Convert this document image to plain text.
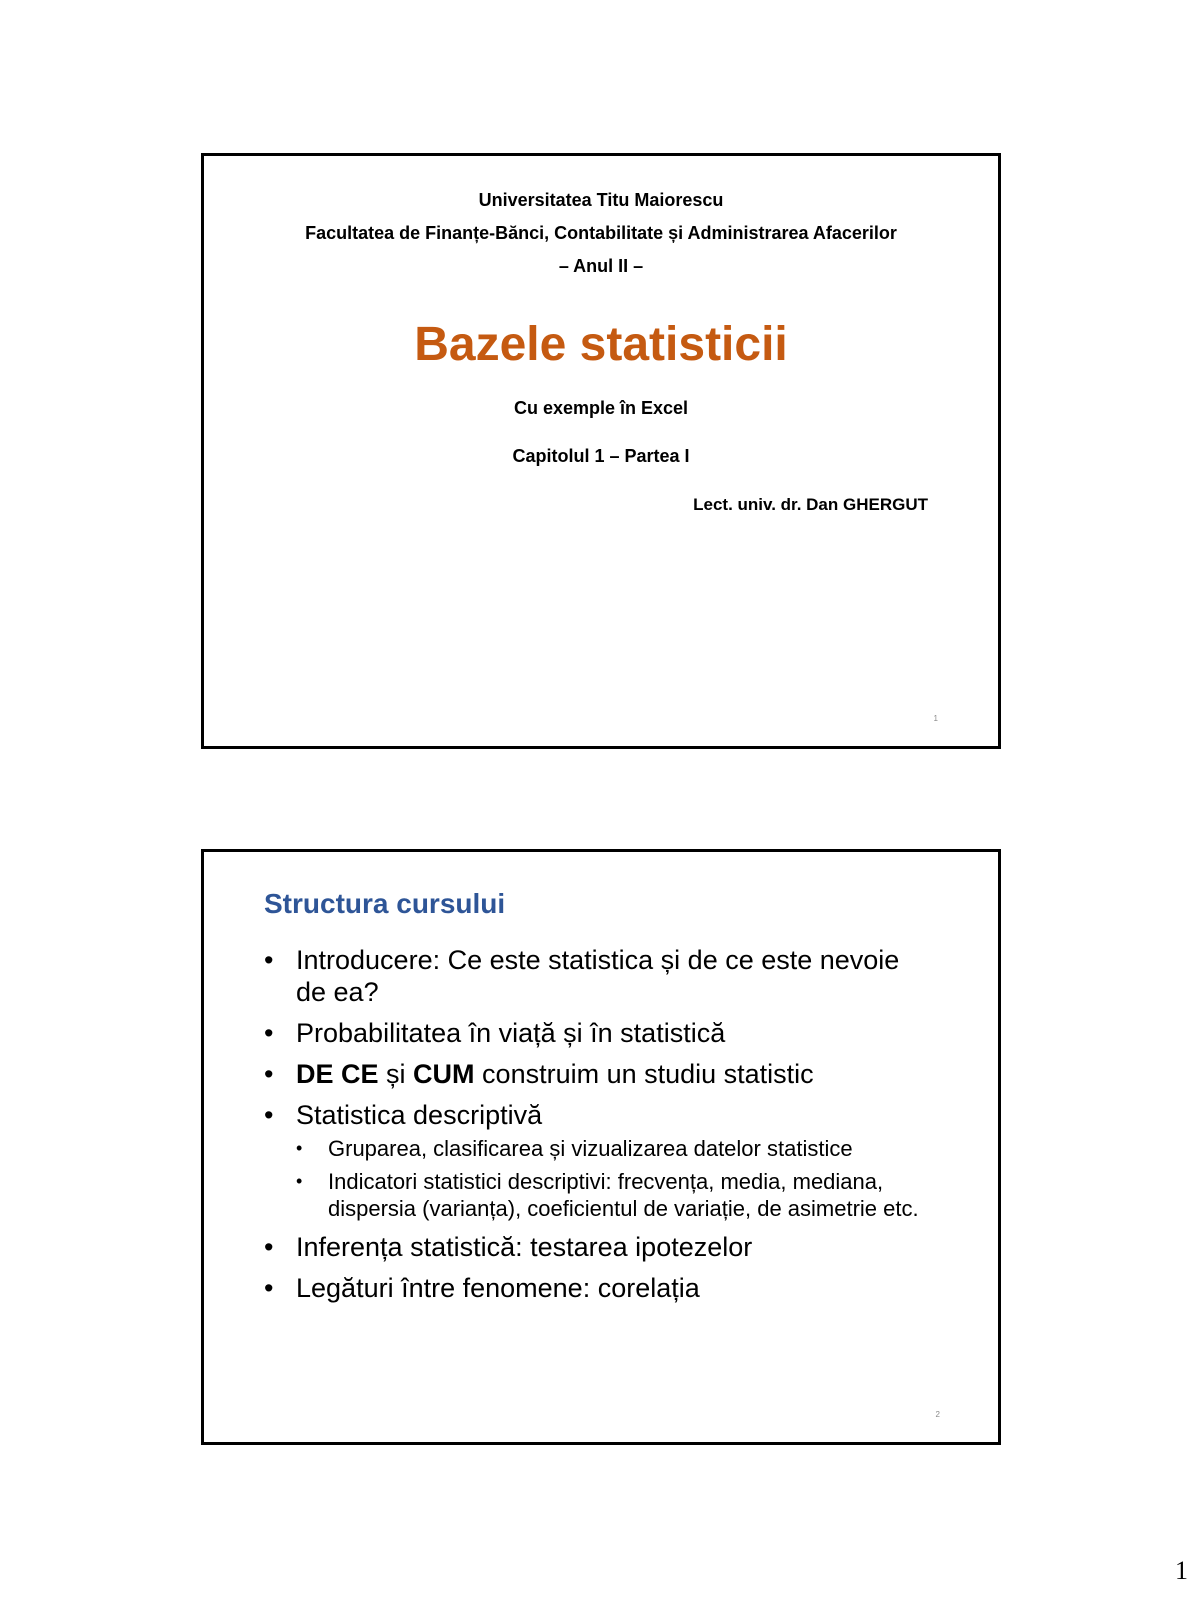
Universitatea Titu Maiorescu
Facultatea de Finanțe-Bănci, Contabilitate și Administrarea Afacerilor
– Anul II –
Bazele statisticii
Cu exemple în Excel
Capitolul 1 – Partea I
Lect. univ. dr. Dan GHERGUT
1
Structura cursului
• Introducere: Ce este statistica și de ce este nevoie de ea?
• Probabilitatea în viață și în statistică
• DE CE și CUM construim un studiu statistic
• Statistica descriptivă
• Gruparea, clasificarea și vizualizarea datelor statistice
• Indicatori statistici descriptivi: frecvența, media, mediana, dispersia (varianța), coeficientul de variație, de asimetrie etc.
• Inferența statistică: testarea ipotezelor
• Legături între fenomene: corelația
2
1
